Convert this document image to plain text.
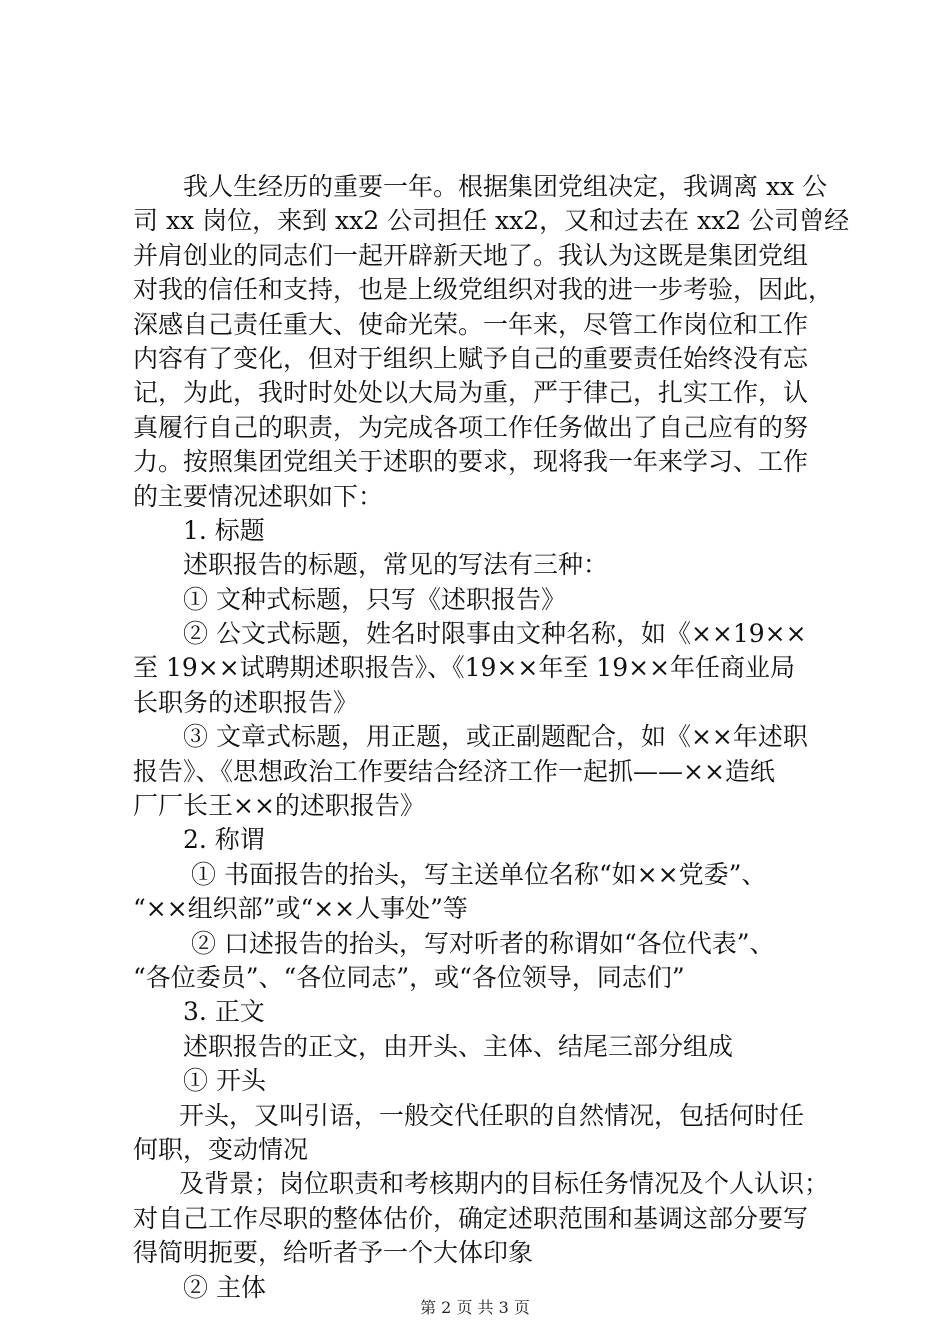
我人生经历的重要一年。根据集团党组决定，我调离 xx 公
司 xx 岗位，来到 xx2 公司担任 xx2，又和过去在 xx2 公司曾经
并肩创业的同志们一起开辟新天地了。我认为这既是集团党组
对我的信任和支持，也是上级党组织对我的进一步考验，因此，
深感自己责任重大、使命光荣。一年来，尽管工作岗位和工作
内容有了变化，但对于组织上赋予自己的重要责任始终没有忘
记，为此，我时时处处以大局为重，严于律己，扎实工作，认
真履行自己的职责，为完成各项工作任务做出了自己应有的努
力。按照集团党组关于述职的要求，现将我一年来学习、工作
的主要情况述职如下：
1. 标题
述职报告的标题，常见的写法有三种：
① 文种式标题，只写《述职报告》
② 公文式标题，姓名时限事由文种名称，如《××19××
至 19××试聘期述职报告》、《19××年至 19××年任商业局
长职务的述职报告》
③ 文章式标题，用正题，或正副题配合，如《××年述职
报告》、《思想政治工作要结合经济工作一起抓——××造纸
厂厂长王××的述职报告》
2. 称谓
① 书面报告的抬头，写主送单位名称“如××党委”、
“××组织部”或“××人事处”等
② 口述报告的抬头，写对听者的称谓如“各位代表”、
“各位委员”、“各位同志”，或“各位领导，同志们”
3. 正文
述职报告的正文，由开头、主体、结尾三部分组成
① 开头
开头，又叫引语，一般交代任职的自然情况，包括何时任
何职，变动情况
及背景；岗位职责和考核期内的目标任务情况及个人认识；
对自己工作尽职的整体估价，确定述职范围和基调这部分要写
得简明扼要，给听者予一个大体印象
② 主体
第 2 页 共 3 页
